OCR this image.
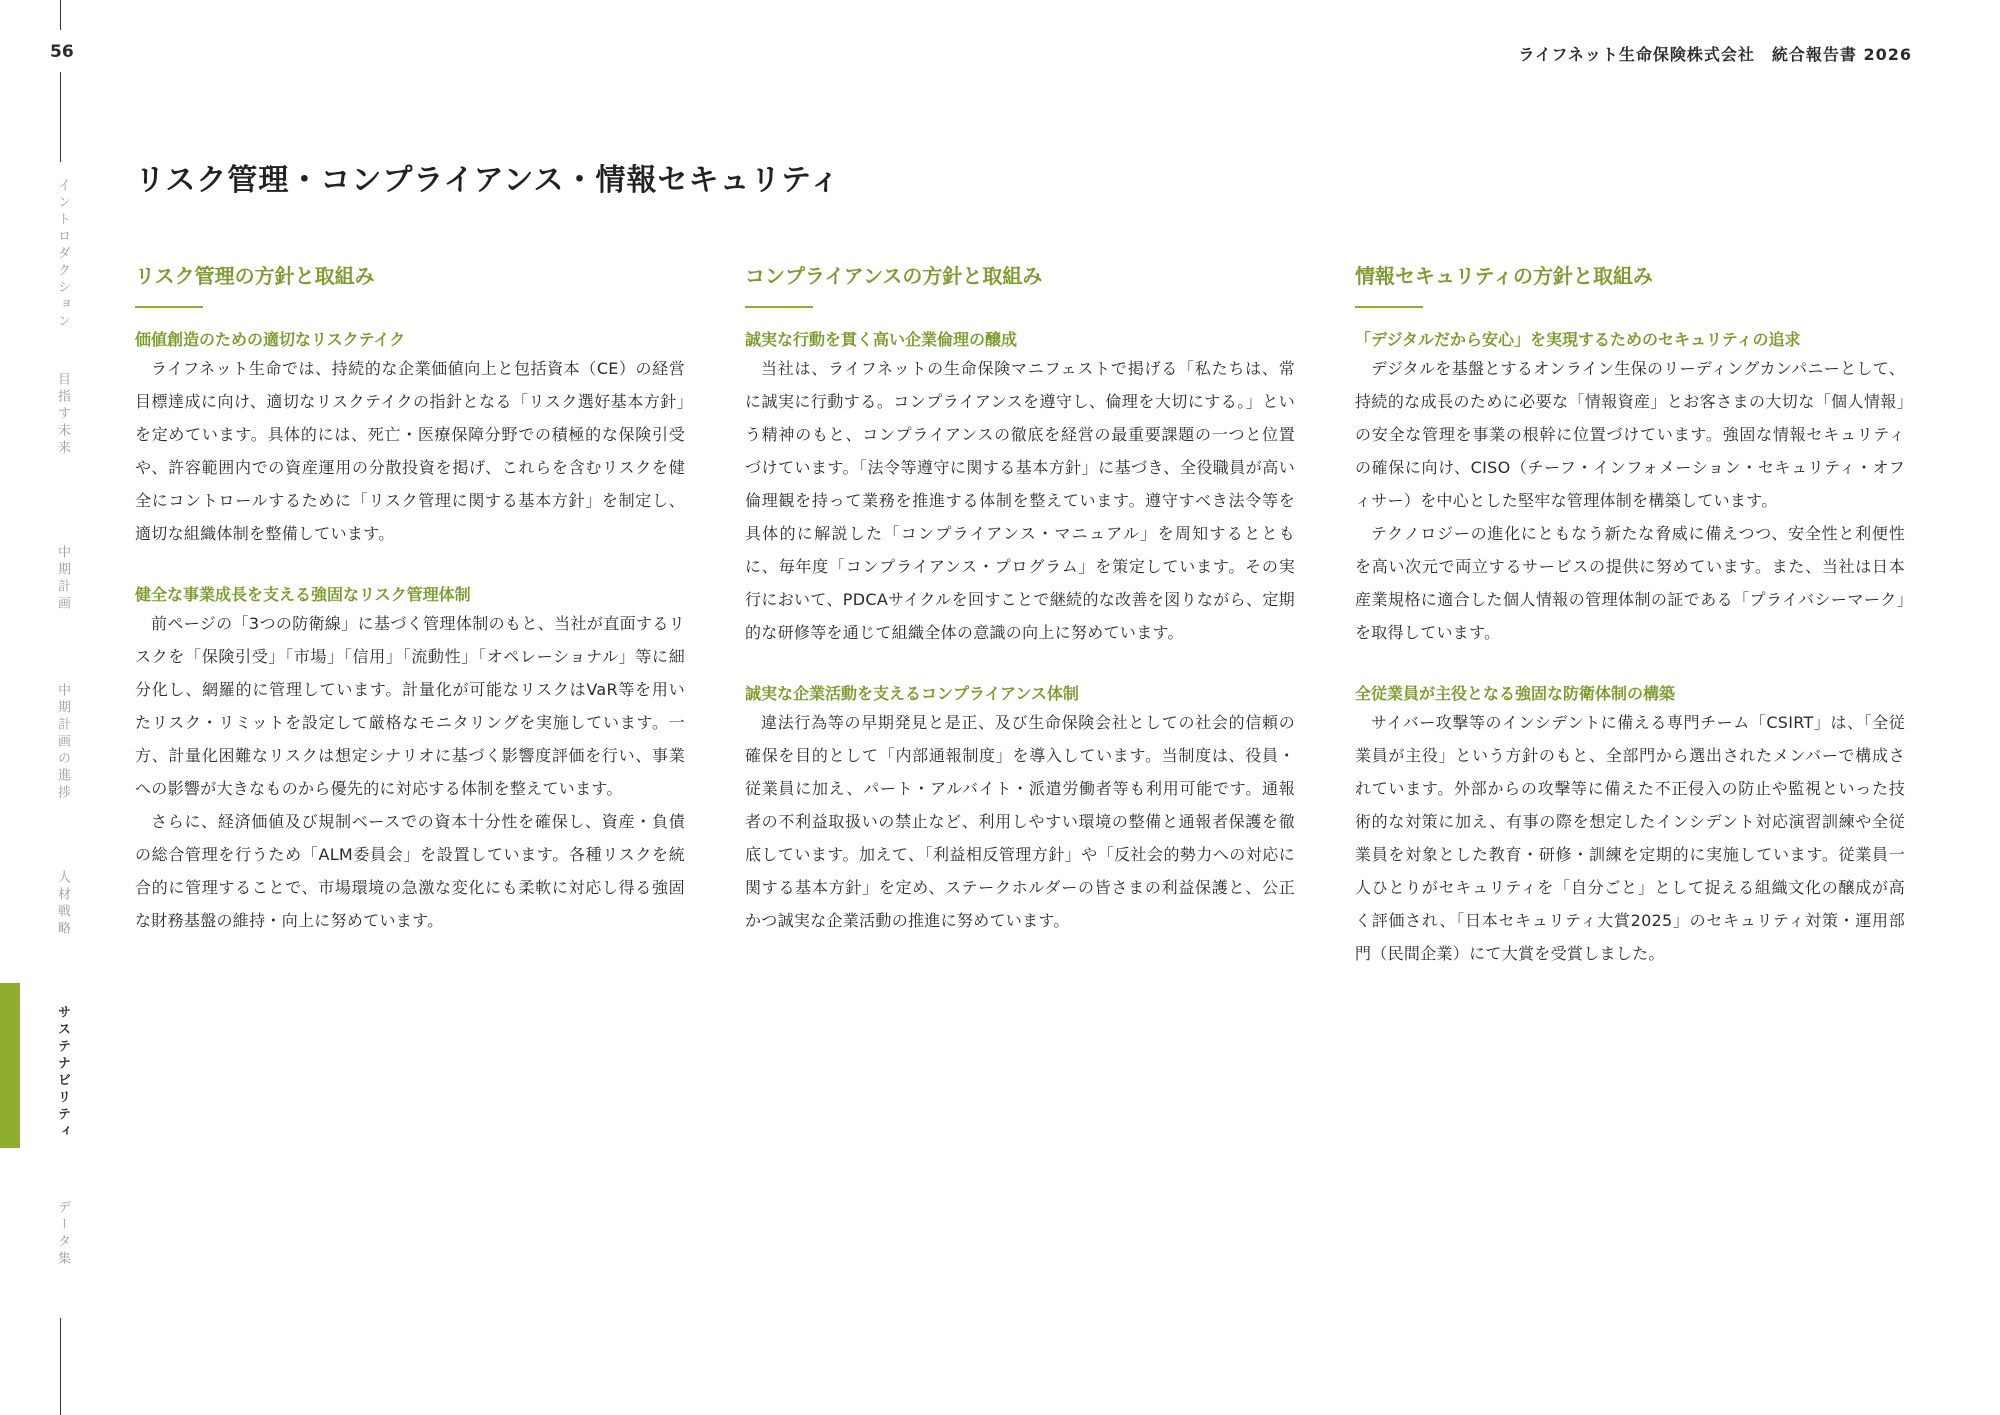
56	ライフネット生命保険株式会社　統合報告書 2026
イントロダクション
目指す未来
中期計画
中期計画の進捗
人材戦略
サステナビリティ
データ集
リスク管理・コンプライアンス・情報セキュリティ
リスク管理の方針と取組み
価値創造のための適切なリスクテイク

ライフネット生命では、持続的な企業価値向上と包括資本（CE）の経営目標達成に向け、適切なリスクテイクの指針となる「リスク選好基本方針」を定めています。具体的には、死亡・医療保障分野での積極的な保険引受や、許容範囲内での資産運用の分散投資を掲げ、これらを含むリスクを健全にコントロールするために「リスク管理に関する基本方針」を制定し、適切な組織体制を整備しています。

健全な事業成長を支える強固なリスク管理体制

前ページの「3つの防衛線」に基づく管理体制のもと、当社が直面するリスクを「保険引受」「市場」「信用」「流動性」「オペレーショナル」等に細分化し、網羅的に管理しています。計量化が可能なリスクはVaR等を用いたリスク・リミットを設定して厳格なモニタリングを実施しています。一方、計量化困難なリスクは想定シナリオに基づく影響度評価を行い、事業への影響が大きなものから優先的に対応する体制を整えています。

さらに、経済価値及び規制ベースでの資本十分性を確保し、資産・負債の総合管理を行うため「ALM委員会」を設置しています。各種リスクを統合的に管理することで、市場環境の急激な変化にも柔軟に対応し得る強固な財務基盤の維持・向上に努めています。

コンプライアンスの方針と取組み
誠実な行動を貫く高い企業倫理の醸成

当社は、ライフネットの生命保険マニフェストで掲げる「私たちは、常に誠実に行動する。コンプライアンスを遵守し、倫理を大切にする。」という精神のもと、コンプライアンスの徹底を経営の最重要課題の一つと位置づけています。「法令等遵守に関する基本方針」に基づき、全役職員が高い倫理観を持って業務を推進する体制を整えています。遵守すべき法令等を具体的に解説した「コンプライアンス・マニュアル」を周知するとともに、毎年度「コンプライアンス・プログラム」を策定しています。その実行において、PDCAサイクルを回すことで継続的な改善を図りながら、定期的な研修等を通じて組織全体の意識の向上に努めています。

誠実な企業活動を支えるコンプライアンス体制

違法行為等の早期発見と是正、及び生命保険会社としての社会的信頼の確保を目的として「内部通報制度」を導入しています。当制度は、役員・従業員に加え、パート・アルバイト・派遣労働者等も利用可能です。通報者の不利益取扱いの禁止など、利用しやすい環境の整備と通報者保護を徹底しています。加えて、「利益相反管理方針」や「反社会的勢力への対応に関する基本方針」を定め、ステークホルダーの皆さまの利益保護と、公正かつ誠実な企業活動の推進に努めています。

情報セキュリティの方針と取組み
「デジタルだから安心」を実現するためのセキュリティの追求

デジタルを基盤とするオンライン生保のリーディングカンパニーとして、持続的な成長のために必要な「情報資産」とお客さまの大切な「個人情報」の安全な管理を事業の根幹に位置づけています。強固な情報セキュリティの確保に向け、CISO（チーフ・インフォメーション・セキュリティ・オフィサー）を中心とした堅牢な管理体制を構築しています。

テクノロジーの進化にともなう新たな脅威に備えつつ、安全性と利便性を高い次元で両立するサービスの提供に努めています。また、当社は日本産業規格に適合した個人情報の管理体制の証である「プライバシーマーク」を取得しています。

全従業員が主役となる強固な防衛体制の構築

サイバー攻撃等のインシデントに備える専門チーム「CSIRT」は、「全従業員が主役」という方針のもと、全部門から選出されたメンバーで構成されています。外部からの攻撃等に備えた不正侵入の防止や監視といった技術的な対策に加え、有事の際を想定したインシデント対応演習訓練や全従業員を対象とした教育・研修・訓練を定期的に実施しています。従業員一人ひとりがセキュリティを「自分ごと」として捉える組織文化の醸成が高く評価され、「日本セキュリティ大賞2025」のセキュリティ対策・運用部門（民間企業）にて大賞を受賞しました。
